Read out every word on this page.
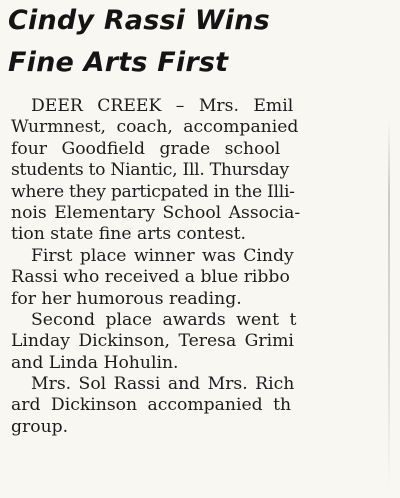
Cindy Rassi Wins
Fine Arts First
DEER CREEK – Mrs. Emil
Wurmnest, coach, accompanied
four Goodfield grade school
students to Niantic, Ill. Thursday
where they particpated in the Illi-
nois Elementary School Associa-
tion state fine arts contest.
First place winner was Cindy
Rassi who received a blue ribbo
for her humorous reading.
Second place awards went t
Linday Dickinson, Teresa Grimi
and Linda Hohulin.
Mrs. Sol Rassi and Mrs. Rich
ard Dickinson accompanied th
group.
